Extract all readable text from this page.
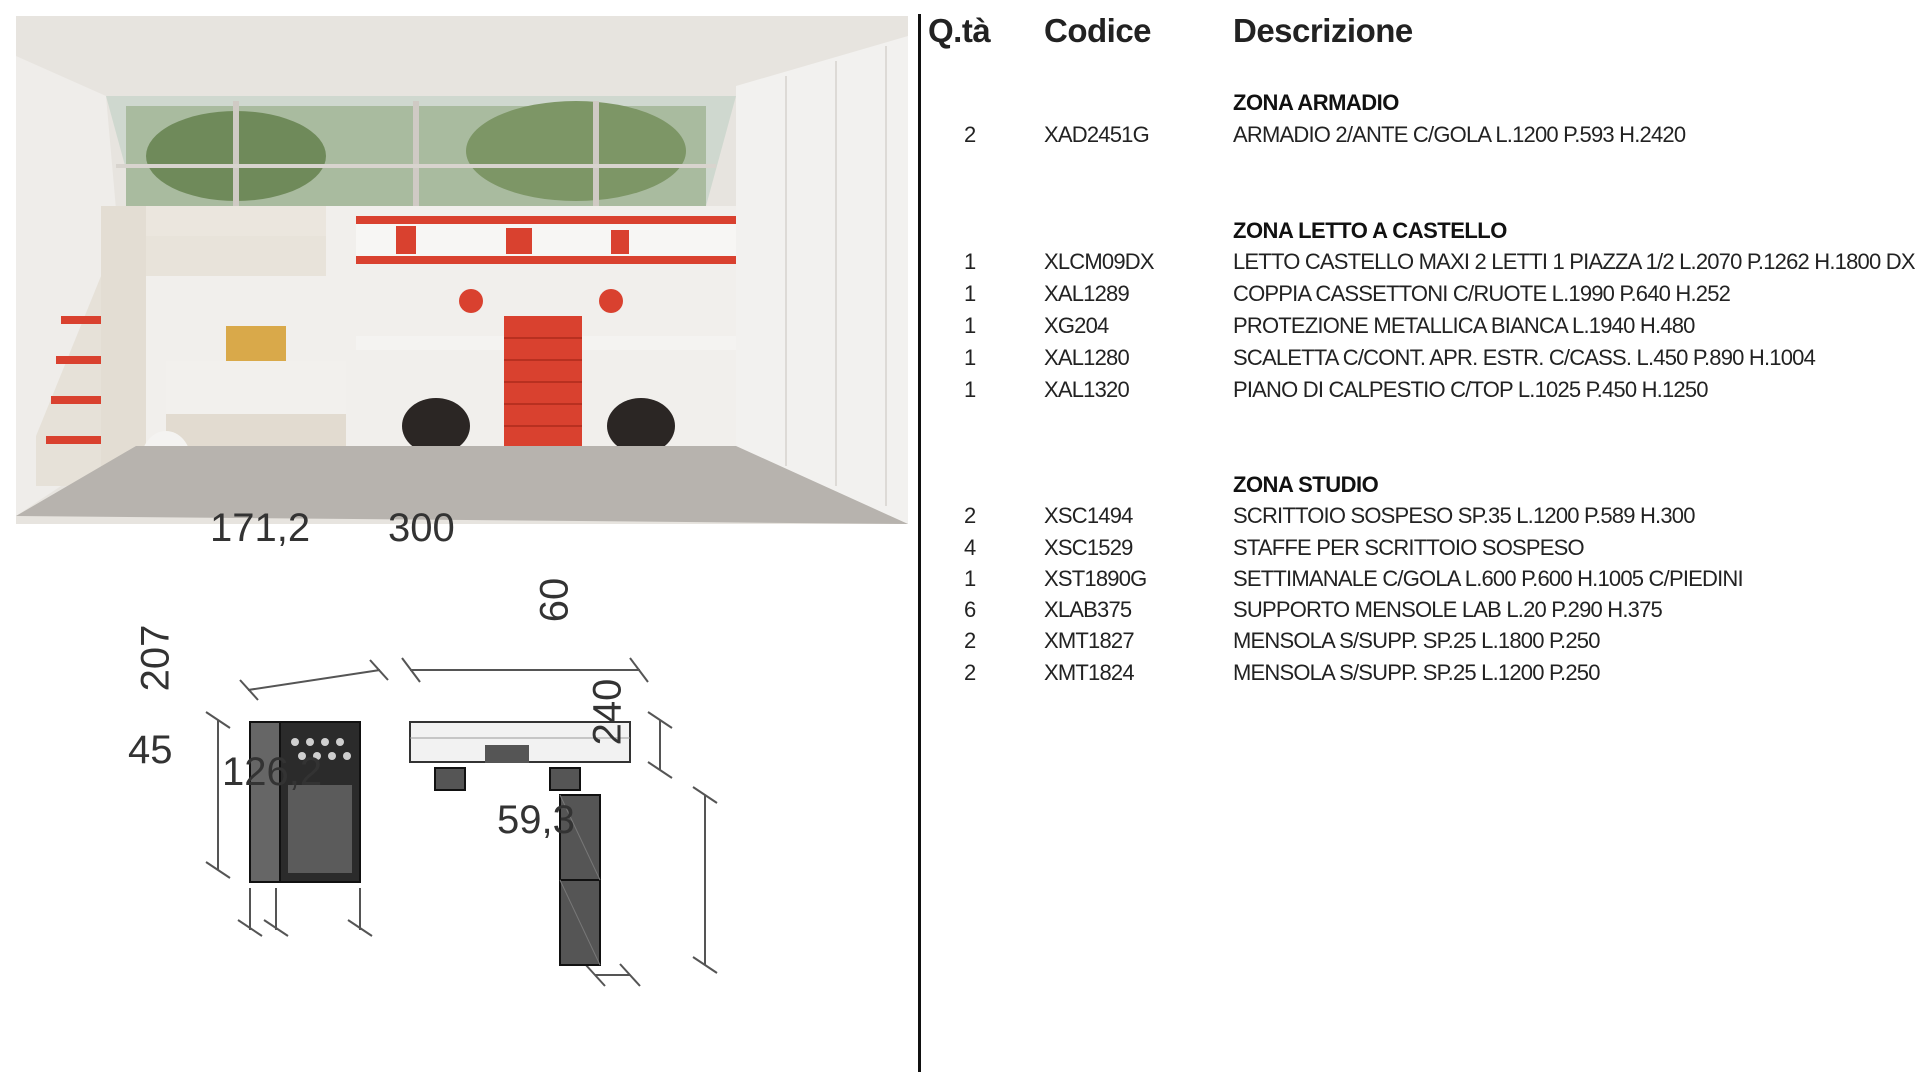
171,2 300
60
207
45 126,2
240
59,3
Q.tà Codice Descrizione
ZONA ARMADIO
2	XAD2451G	ARMADIO 2/ANTE C/GOLA L.1200 P.593 H.2420
ZONA LETTO A CASTELLO
1	XLCM09DX	LETTO CASTELLO MAXI 2 LETTI 1 PIAZZA 1/2 L.2070 P.1262 H.1800 DX
1	XAL1289	COPPIA CASSETTONI C/RUOTE L.1990 P.640 H.252
1	XG204	PROTEZIONE METALLICA BIANCA L.1940 H.480
1	XAL1280	SCALETTA C/CONT. APR. ESTR. C/CASS. L.450 P.890 H.1004
1	XAL1320	PIANO DI CALPESTIO C/TOP L.1025 P.450 H.1250
ZONA STUDIO
2	XSC1494	SCRITTOIO SOSPESO SP.35 L.1200 P.589 H.300
4	XSC1529	STAFFE PER SCRITTOIO SOSPESO
1	XST1890G	SETTIMANALE C/GOLA L.600 P.600 H.1005 C/PIEDINI
6	XLAB375	SUPPORTO MENSOLE LAB L.20 P.290 H.375
2	XMT1827	MENSOLA S/SUPP. SP.25 L.1800 P.250
2	XMT1824	MENSOLA S/SUPP. SP.25 L.1200 P.250
